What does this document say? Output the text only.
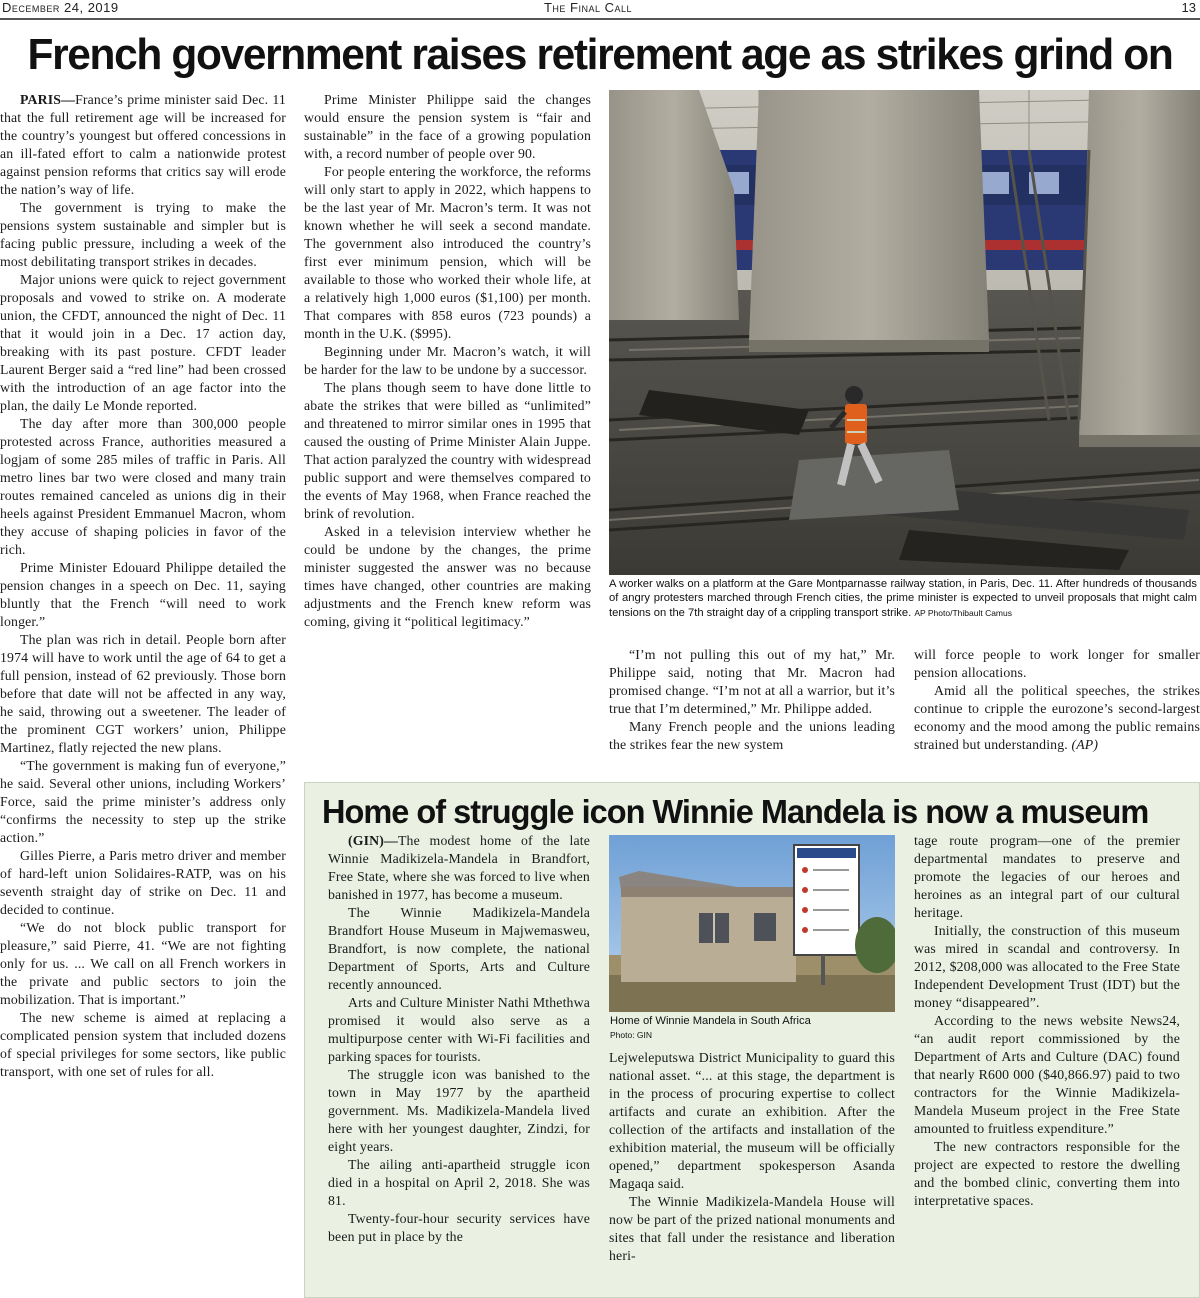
December 24, 2019	The Final Call	13
French government raises retirement age as strikes grind on

PARIS—France’s prime minister said Dec. 11 that the full retirement age will be increased for the country’s youngest but offered concessions in an ill-fated effort to calm a nationwide protest against pension reforms that critics say will erode the nation’s way of life.

The government is trying to make the pensions system sustainable and simpler but is facing public pressure, including a week of the most debilitating transport strikes in decades.

Major unions were quick to reject government proposals and vowed to strike on. A moderate union, the CFDT, announced the night of Dec. 11 that it would join in a Dec. 17 action day, breaking with its past posture. CFDT leader Laurent Berger said a “red line” had been crossed with the introduction of an age factor into the plan, the daily Le Monde reported.

The day after more than 300,000 people protested across France, authorities measured a logjam of some 285 miles of traffic in Paris. All metro lines bar two were closed and many train routes remained canceled as unions dig in their heels against President Emmanuel Macron, whom they accuse of shaping policies in favor of the rich.

Prime Minister Edouard Philippe detailed the pension changes in a speech on Dec. 11, saying bluntly that the French “will need to work longer.”

The plan was rich in detail. People born after 1974 will have to work until the age of 64 to get a full pension, instead of 62 previously. Those born before that date will not be affected in any way, he said, throwing out a sweetener. The leader of the prominent CGT workers’ union, Philippe Martinez, flatly rejected the new plans.

“The government is making fun of everyone,” he said. Several other unions, including Workers’ Force, said the prime minister’s address only “confirms the necessity to step up the strike action.”

Gilles Pierre, a Paris metro driver and member of hard-left union Solidaires-RATP, was on his seventh straight day of strike on Dec. 11 and decided to continue.

“We do not block public transport for pleasure,” said Pierre, 41. “We are not fighting only for us. ... We call on all French workers in the private and public sectors to join the mobilization. That is important.”

The new scheme is aimed at replacing a complicated pension system that included dozens of special privileges for some sectors, like public transport, with one set of rules for all.

Prime Minister Philippe said the changes would ensure the pension system is “fair and sustainable” in the face of a growing population with, a record number of people over 90.

For people entering the workforce, the reforms will only start to apply in 2022, which happens to be the last year of Mr. Macron’s term. It was not known whether he will seek a second mandate. The government also introduced the country’s first ever minimum pension, which will be available to those who worked their whole life, at a relatively high 1,000 euros ($1,100) per month. That compares with 858 euros (723 pounds) a month in the U.K. ($995).

Beginning under Mr. Macron’s watch, it will be harder for the law to be undone by a successor.

The plans though seem to have done little to abate the strikes that were billed as “unlimited” and threatened to mirror similar ones in 1995 that caused the ousting of Prime Minister Alain Juppe. That action paralyzed the country with widespread public support and were themselves compared to the events of May 1968, when France reached the brink of revolution.

Asked in a television interview whether he could be undone by the changes, the prime minister suggested the answer was no because times have changed, other countries are making adjustments and the French knew reform was coming, giving it “political legitimacy.”

A worker walks on a platform at the Gare Montparnasse railway station, in Paris, Dec. 11. After hundreds of thousands of angry protesters marched through French cities, the prime minister is expected to unveil proposals that might calm tensions on the 7th straight day of a crippling transport strike. AP Photo/Thibault Camus

“I’m not pulling this out of my hat,” Mr. Philippe said, noting that Mr. Macron had promised change. “I’m not at all a warrior, but it’s true that I’m determined,” Mr. Philippe added.

Many French people and the unions leading the strikes fear the new system

will force people to work longer for smaller pension allocations.

Amid all the political speeches, the strikes continue to cripple the eurozone’s second-largest economy and the mood among the public remains strained but understanding. (AP)

Home of struggle icon Winnie Mandela is now a museum

(GIN)—The modest home of the late Winnie Madikizela-Mandela in Brandfort, Free State, where she was forced to live when banished in 1977, has become a museum.

The Winnie Madikizela-Mandela Brandfort House Museum in Majwemasweu, Brandfort, is now complete, the national Department of Sports, Arts and Culture recently announced.

Arts and Culture Minister Nathi Mthethwa promised it would also serve as a multipurpose center with Wi-Fi facilities and parking spaces for tourists.

The struggle icon was banished to the town in May 1977 by the apartheid government. Ms. Madikizela-Mandela lived here with her youngest daughter, Zindzi, for eight years.

The ailing anti-apartheid struggle icon died in a hospital on April 2, 2018. She was 81.

Twenty-four-hour security services have been put in place by the

Home of Winnie Mandela in South Africa
Photo: GIN

Lejweleputswa District Municipality to guard this national asset. “... at this stage, the department is in the process of procuring expertise to collect artifacts and curate an exhibition. After the collection of the artifacts and installation of the exhibition material, the museum will be officially opened,” department spokesperson Asanda Magaqa said.

The Winnie Madikizela-Mandela House will now be part of the prized national monuments and sites that fall under the resistance and liberation heri-

tage route program—one of the premier departmental mandates to preserve and promote the legacies of our heroes and heroines as an integral part of our cultural heritage.

Initially, the construction of this museum was mired in scandal and controversy. In 2012, $208,000 was allocated to the Free State Independent Development Trust (IDT) but the money “disappeared”.

According to the news website News24, “an audit report commissioned by the Department of Arts and Culture (DAC) found that nearly R600 000 ($40,866.97) paid to two contractors for the Winnie Madikizela-Mandela Museum project in the Free State amounted to fruitless expenditure.”

The new contractors responsible for the project are expected to restore the dwelling and the bombed clinic, converting them into interpretative spaces.
